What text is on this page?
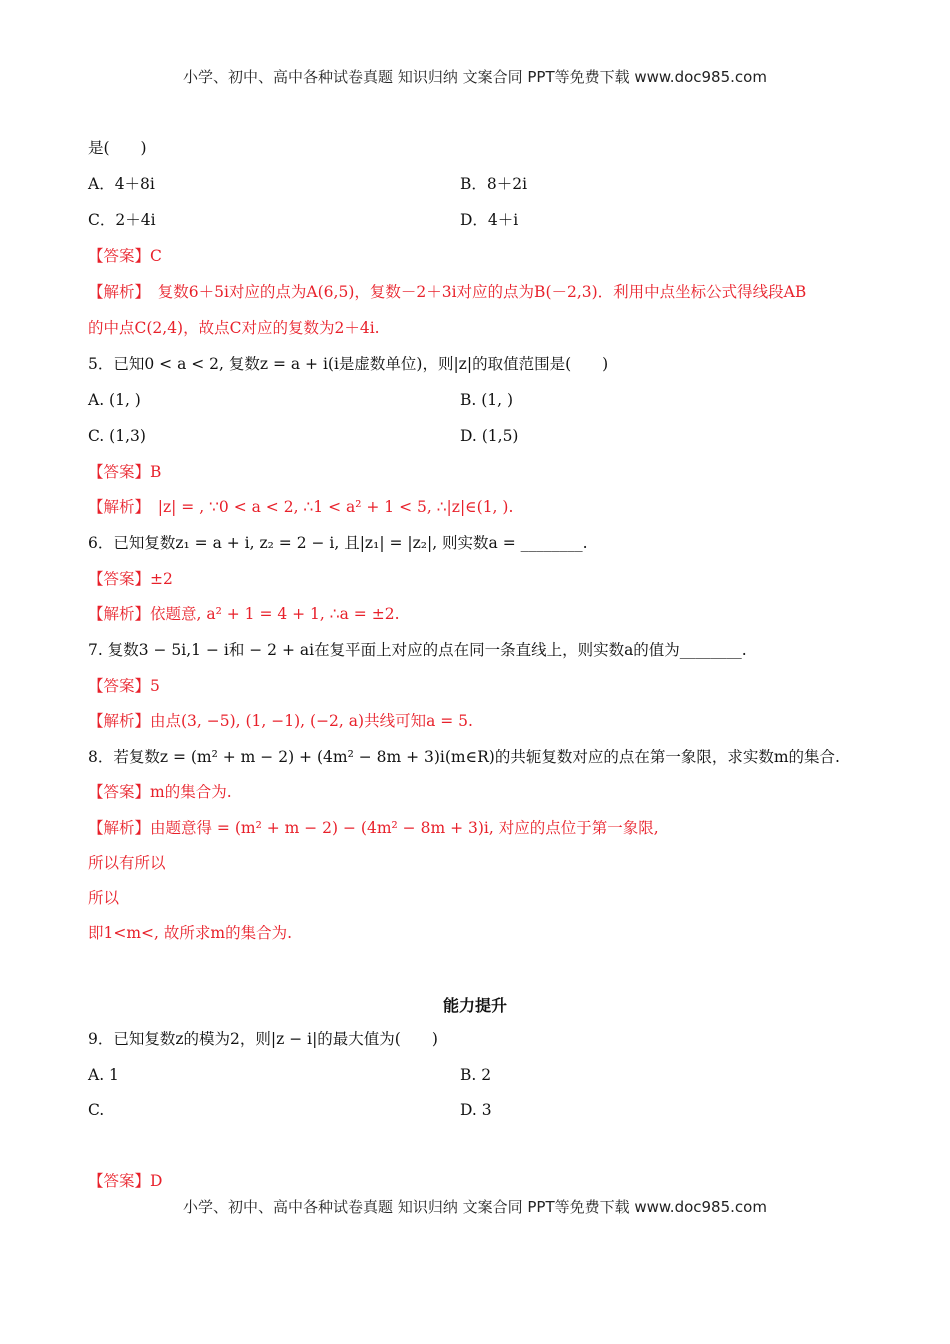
小学、初中、高中各种试卷真题 知识归纳 文案合同 PPT等免费下载 www.doc985.com
是(　　)
A．4＋8i	B．8＋2i
C．2＋4i	D．4＋i
【答案】C
【解析】　复数6＋5i对应的点为A(6,5)，复数－2＋3i对应的点为B(－2,3)．利用中点坐标公式得线段AB
的中点C(2,4)，故点C对应的复数为2＋4i.
5．已知0 < a < 2, 复数z = a + i(i是虚数单位)，则|z|的取值范围是(　　)
A. (1, )	B. (1, )
C. (1,3)	D. (1,5)
【答案】B
【解析】　|z| = , ∵0 < a < 2, ∴1 < a² + 1 < 5, ∴|z|∈(1, ).
6．已知复数z₁ = a + i, z₂ = 2 − i, 且|z₁| = |z₂|, 则实数a = ________.
【答案】±2
【解析】依题意, a² + 1 = 4 + 1, ∴a = ±2.
7. 复数3 − 5i,1 − i和 − 2 + ai在复平面上对应的点在同一条直线上，则实数a的值为________.
【答案】5
【解析】由点(3, −5), (1, −1), (−2, a)共线可知a = 5.
8．若复数z = (m² + m − 2) + (4m² − 8m + 3)i(m∈R)的共轭复数对应的点在第一象限，求实数m的集合.
【答案】m的集合为.
【解析】由题意得 = (m² + m − 2) − (4m² − 8m + 3)i, 对应的点位于第一象限,
所以有所以
所以
即1<m<, 故所求m的集合为.
能力提升
9．已知复数z的模为2，则|z − i|的最大值为(　　)
A. 1	B. 2
C.	D. 3
【答案】D
小学、初中、高中各种试卷真题 知识归纳 文案合同 PPT等免费下载 www.doc985.com
